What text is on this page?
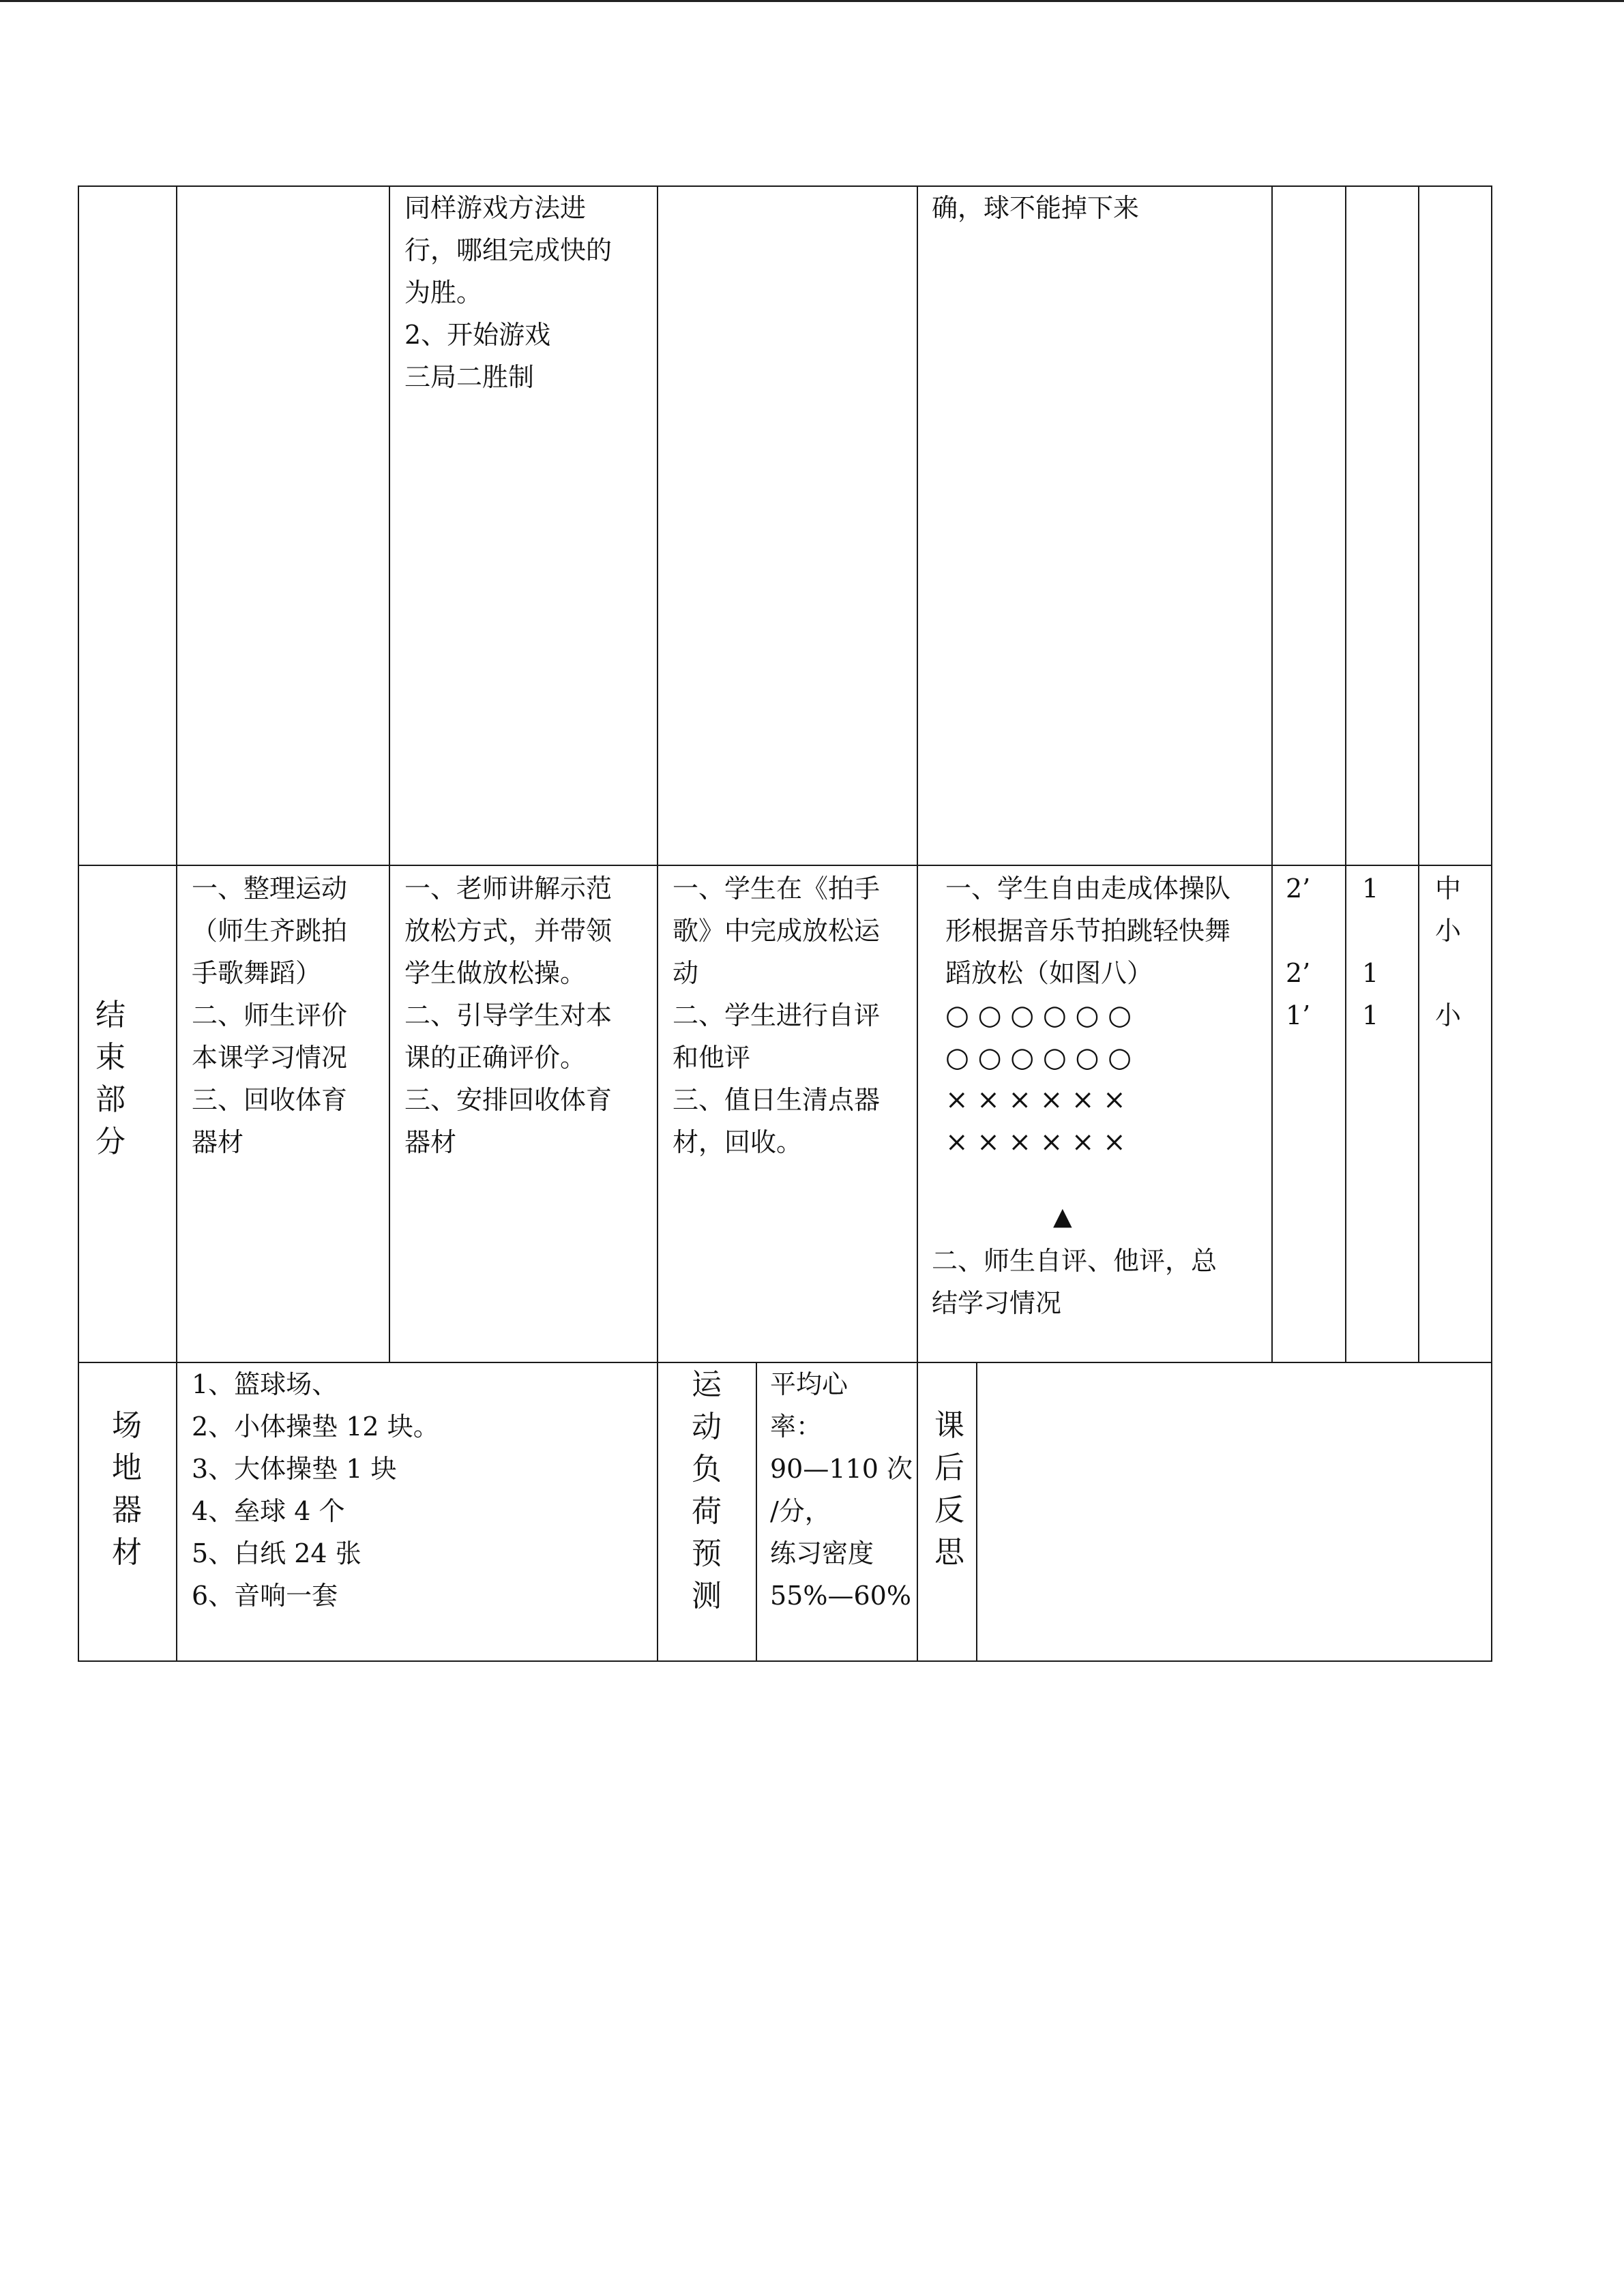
同样游戏方法进
行，哪组完成快的
为胜。
2、开始游戏
三局二胜制
确，球不能掉下来
结 束 部 分
一、整理运动
（师生齐跳拍
手歌舞蹈）
二、师生评价
本课学习情况
三、回收体育
器材
一、老师讲解示范
放松方式，并带领
学生做放松操。
二、引导学生对本
课的正确评价。
三、安排回收体育
器材
一、学生在《拍手
歌》中完成放松运
动
二、学生进行自评
和他评
三、值日生清点器
材，回收。
一、学生自由走成体操队
形根据音乐节拍跳轻快舞
蹈放松（如图八）
○ ○ ○ ○ ○ ○
○ ○ ○ ○ ○ ○
× × × × × ×
× × × × × ×
▲
二、师生自评、他评，总
结学习情况
2’

2’
1’
1

1
1
中
小

小
场 地 器 材
1、篮球场、
2、小体操垫 12 块。
3、大体操垫 1 块
4、垒球 4 个
5、白纸 24 张
6、音响一套
运 动 负 荷 预 测
平均心
率：
90—110 次
/分，
练习密度
55%—60%
课 后 反 思
